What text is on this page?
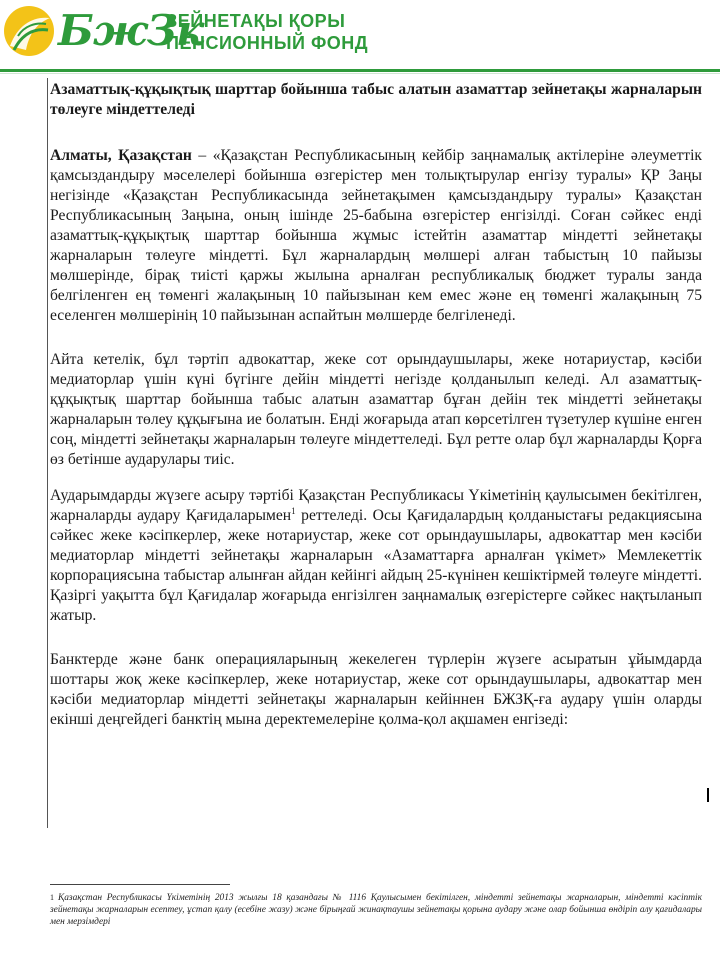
БжЗк
ЗЕЙНЕТАҚЫ ҚОРЫ
ПЕНСИОННЫЙ ФОНД

Азаматтық-құқықтық шарттар бойынша табыс алатын азаматтар зейнетақы жарналарын төлеуге міндеттеледі

Алматы, Қазақстан – «Қазақстан Республикасының кейбір заңнамалық актілеріне әлеуметтік қамсыздандыру мәселелері бойынша өзгерістер мен толықтырулар енгізу туралы» ҚР Заңы негізінде «Қазақстан Республикасында зейнетақымен қамсыздандыру туралы» Қазақстан Республикасының Заңына, оның ішінде 25-бабына өзгерістер енгізілді. Соған сәйкес енді азаматтық-құқықтық шарттар бойынша жұмыс істейтін азаматтар міндетті зейнетақы жарналарын төлеуге міндетті. Бұл жарналардың мөлшері алған табыстың 10 пайызы мөлшерінде, бірақ тиісті қаржы жылына арналған республикалық бюджет туралы занда белгіленген ең төменгі жалақының 10 пайызынан кем емес және ең төменгі жалақының 75 еселенген мөлшерінің 10 пайызынан аспайтын мөлшерде белгіленеді.

Айта кетелік, бұл тәртіп адвокаттар, жеке сот орындаушылары, жеке нотариустар, кәсіби медиаторлар үшін күні бүгінге дейін міндетті негізде қолданылып келеді. Ал азаматтық-құқықтық шарттар бойынша табыс алатын азаматтар бұған дейін тек міндетті зейнетақы жарналарын төлеу құқығына ие болатын. Енді жоғарыда атап көрсетілген түзетулер күшіне енген соң, міндетті зейнетақы жарналарын төлеуге міндеттеледі. Бұл ретте олар бұл жарналарды Қорға өз бетінше аударулары тиіс.

Аударымдарды жүзеге асыру тәртібі Қазақстан Республикасы Үкіметінің қаулысымен бекітілген, жарналарды аудару Қағидаларымен$^1$ реттеледі. Осы Қағидалардың қолданыстағы редакциясына сәйкес жеке кәсіпкерлер, жеке нотариустар, жеке сот орындаушылары, адвокаттар мен кәсіби медиаторлар міндетті зейнетақы жарналарын «Азаматтарға арналған үкімет» Мемлекеттік корпорациясына табыстар алынған айдан кейінгі айдың 25-күнінен кешіктірмей төлеуге міндетті. Қазіргі уақытта бұл Қағидалар жоғарыда енгізілген заңнамалық өзгерістерге сәйкес нақтыланып жатыр.

Банктерде және банк операцияларының жекелеген түрлерін жүзеге асыратын ұйымдарда шоттары жоқ жеке кәсіпкерлер, жеке нотариустар, жеке сот орындаушылары, адвокаттар мен кәсіби медиаторлар міндетті зейнетақы жарналарын кейіннен БЖЗҚ-ға аудару үшін оларды екінші деңгейдегі банктің мына деректемелеріне қолма-қол ақшамен енгізеді:

1 Қазақстан Республикасы Үкіметінің 2013 жылғы 18 қазандағы № 1116 Қаулысымен бекітілген, міндетті зейнетақы жарналарын, міндетті кәсіптік зейнетақы жарналарын есептеу, ұстап қалу (есебіне жазу) және бірыңғай жинақтаушы зейнетақы қорына аудару және олар бойынша өндіріп алу қағидалары мен мерзімдері
